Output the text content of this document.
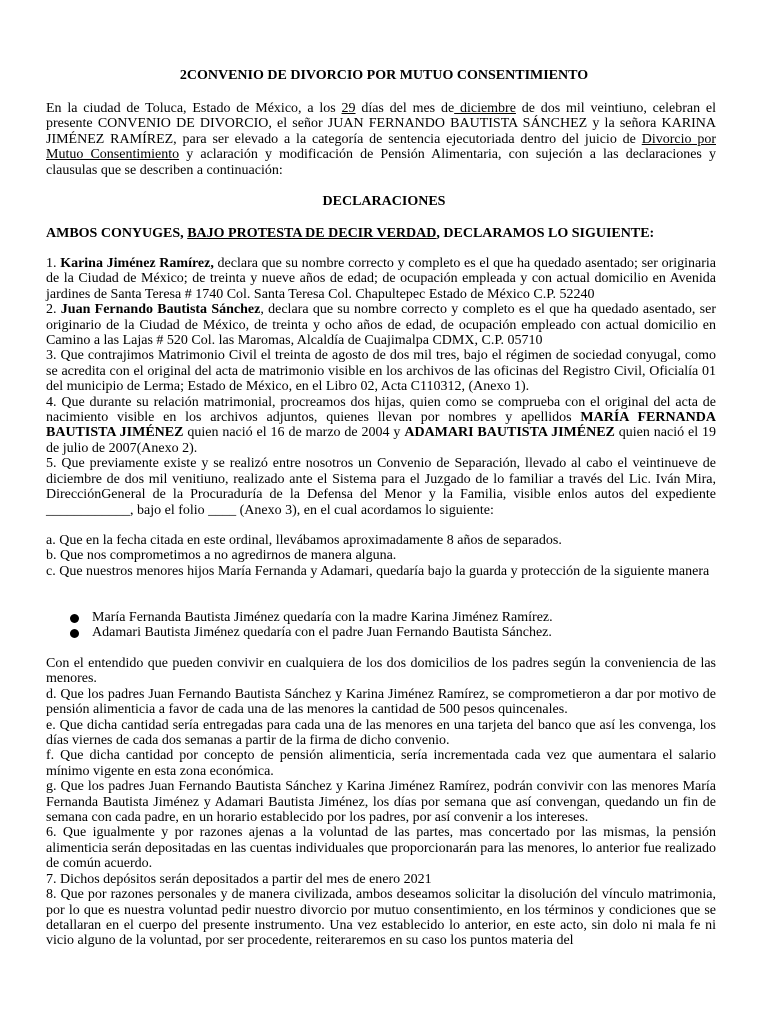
2CONVENIO DE DIVORCIO POR MUTUO CONSENTIMIENTO

En la ciudad de Toluca, Estado de México, a los 29 días del mes de diciembre de dos mil veintiuno, celebran el presente CONVENIO DE DIVORCIO, el señor JUAN FERNANDO BAUTISTA SÁNCHEZ y la señora KARINA JIMÉNEZ RAMÍREZ, para ser elevado a la categoría de sentencia ejecutoriada dentro del juicio de Divorcio por Mutuo Consentimiento y aclaración y modificación de Pensión Alimentaria, con sujeción a las declaraciones y clausulas que se describen a continuación:

DECLARACIONES

AMBOS CONYUGES, BAJO PROTESTA DE DECIR VERDAD, DECLARAMOS LO SIGUIENTE:

1. Karina Jiménez Ramírez, declara que su nombre correcto y completo es el que ha quedado asentado; ser originaria de la Ciudad de México; de treinta y nueve años de edad; de ocupación empleada y con actual domicilio en Avenida jardines de Santa Teresa # 1740 Col. Santa Teresa Col. Chapultepec Estado de México C.P. 52240

2. Juan Fernando Bautista Sánchez, declara que su nombre correcto y completo es el que ha quedado asentado, ser originario de la Ciudad de México, de treinta y ocho años de edad, de ocupación empleado con actual domicilio en Camino a las Lajas # 520 Col. las Maromas, Alcaldía de Cuajimalpa CDMX, C.P. 05710

3. Que contrajimos Matrimonio Civil el treinta de agosto de dos mil tres, bajo el régimen de sociedad conyugal, como se acredita con el original del acta de matrimonio visible en los archivos de las oficinas del Registro Civil, Oficialía 01 del municipio de Lerma; Estado de México, en el Libro 02, Acta C110312, (Anexo 1).

4. Que durante su relación matrimonial, procreamos dos hijas, quien como se comprueba con el original del acta de nacimiento visible en los archivos adjuntos, quienes llevan por nombres y apellidos MARÍA FERNANDA BAUTISTA JIMÉNEZ quien nació el 16 de marzo de 2004 y ADAMARI BAUTISTA JIMÉNEZ quien nació el 19 de julio de 2007(Anexo 2).

5. Que previamente existe y se realizó entre nosotros un Convenio de Separación, llevado al cabo el veintinueve de diciembre de dos mil venitiuno, realizado ante el Sistema para el Juzgado de lo familiar a través del Lic. Iván Mira, DirecciónGeneral de la Procuraduría de la Defensa del Menor y la Familia, visible enlos autos del expediente ____________, bajo el folio ____ (Anexo 3), en el cual acordamos lo siguiente:

a. Que en la fecha citada en este ordinal, llevábamos aproximadamente 8 años de separados.

b. Que nos comprometimos a no agredirnos de manera alguna.

c. Que nuestros menores hijos María Fernanda y Adamari, quedaría bajo la guarda y protección de la siguiente manera

María Fernanda Bautista Jiménez quedaría con la madre Karina Jiménez Ramírez.
Adamari Bautista Jiménez quedaría con el padre Juan Fernando Bautista Sánchez.

Con el entendido que pueden convivir en cualquiera de los dos domicilios de los padres según la conveniencia de las menores.

d. Que los padres Juan Fernando Bautista Sánchez y Karina Jiménez Ramírez, se comprometieron a dar por motivo de pensión alimenticia a favor de cada una de las menores la cantidad de 500 pesos quincenales.

e. Que dicha cantidad sería entregadas para cada una de las menores en una tarjeta del banco que así les convenga, los días viernes de cada dos semanas a partir de la firma de dicho convenio.

f. Que dicha cantidad por concepto de pensión alimenticia, sería incrementada cada vez que aumentara el salario mínimo vigente en esta zona económica.

g. Que los padres Juan Fernando Bautista Sánchez y Karina Jiménez Ramírez, podrán convivir con las menores María Fernanda Bautista Jiménez y Adamari Bautista Jiménez, los días por semana que así convengan, quedando un fin de semana con cada padre, en un horario establecido por los padres, por así convenir a los intereses.

6. Que igualmente y por razones ajenas a la voluntad de las partes, mas concertado por las mismas, la pensión alimenticia serán depositadas en las cuentas individuales que proporcionarán para las menores, lo anterior fue realizado de común acuerdo.

7. Dichos depósitos serán depositados a partir del mes de enero 2021

8. Que por razones personales y de manera civilizada, ambos deseamos solicitar la disolución del vínculo matrimonia, por lo que es nuestra voluntad pedir nuestro divorcio por mutuo consentimiento, en los términos y condiciones que se detallaran en el cuerpo del presente instrumento. Una vez establecido lo anterior, en este acto, sin dolo ni mala fe ni vicio alguno de la voluntad, por ser procedente, reiteraremos en su caso los puntos materia del
